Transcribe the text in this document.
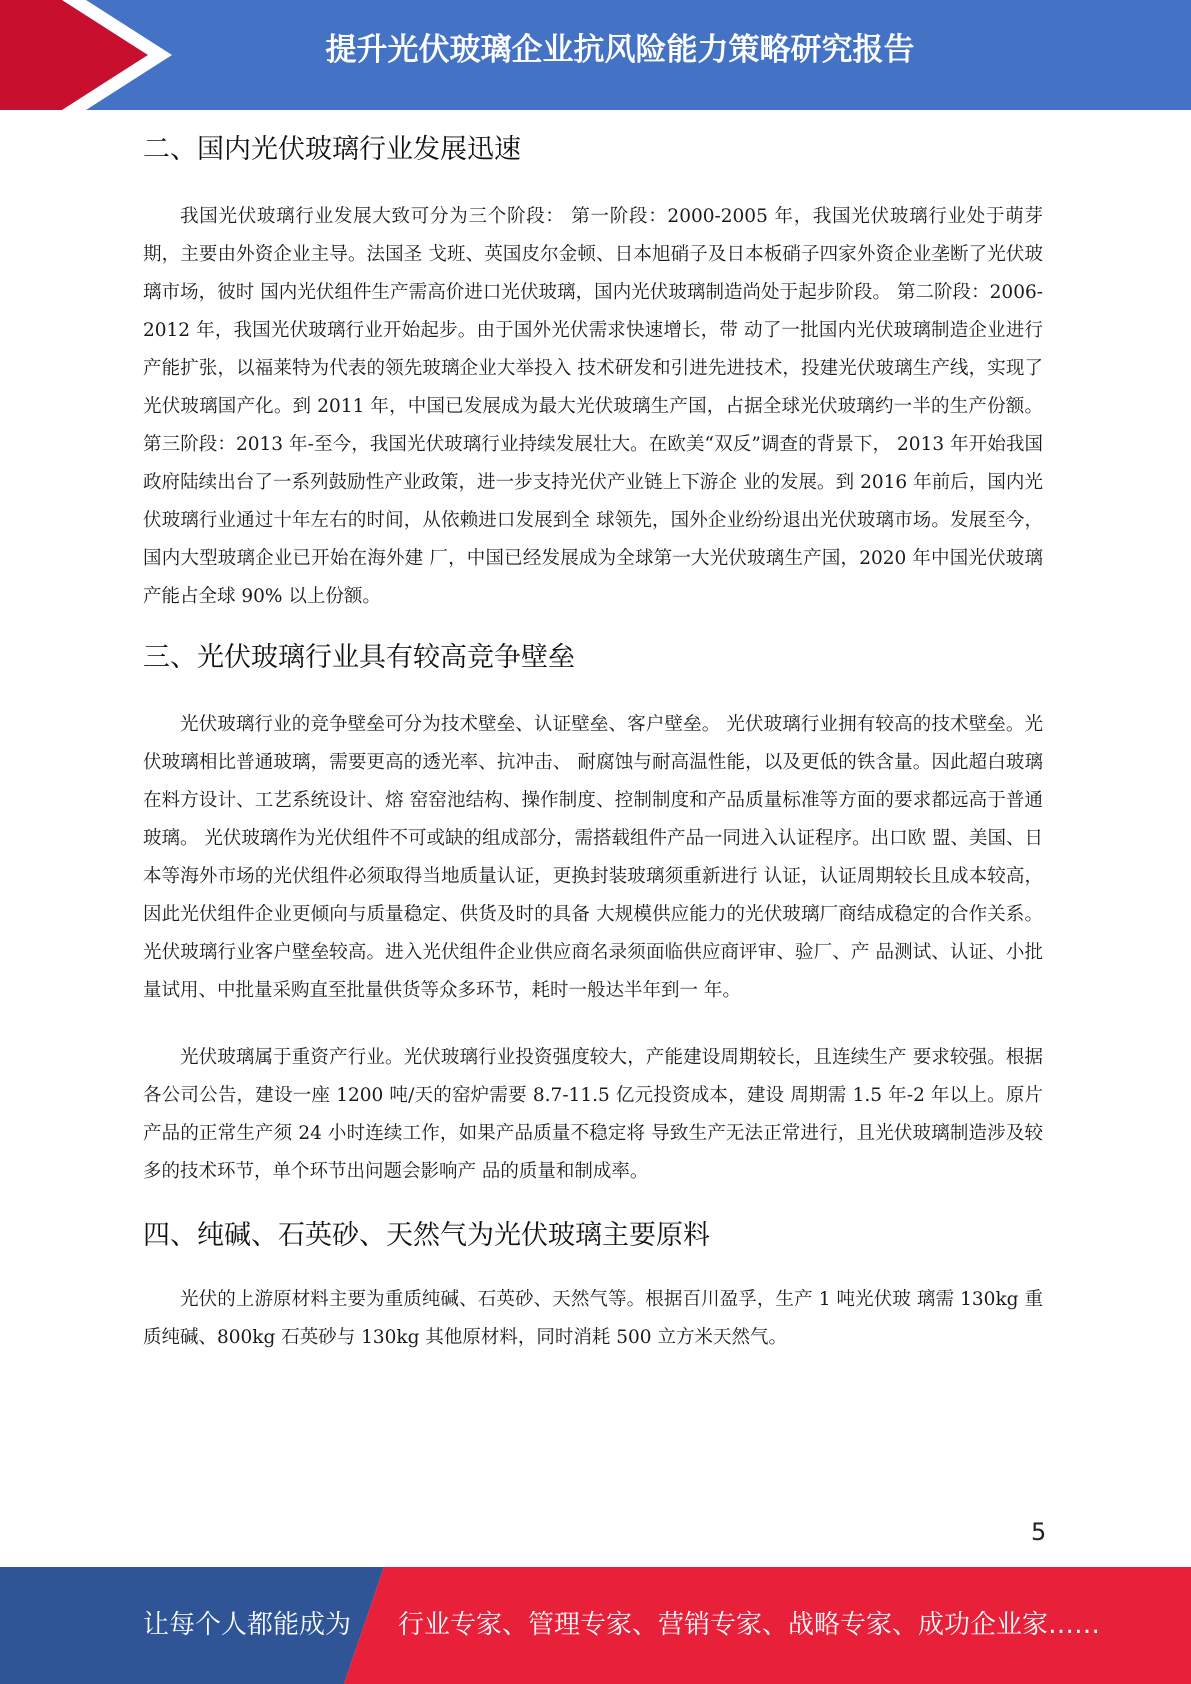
提升光伏玻璃企业抗风险能力策略研究报告
二、国内光伏玻璃行业发展迅速

我国光伏玻璃行业发展大致可分为三个阶段： 第一阶段：2000-2005 年，我国光伏玻璃行业处于萌芽期，主要由外资企业主导。法国圣 戈班、英国皮尔金顿、日本旭硝子及日本板硝子四家外资企业垄断了光伏玻璃市场，彼时 国内光伏组件生产需高价进口光伏玻璃，国内光伏玻璃制造尚处于起步阶段。 第二阶段：2006-2012 年，我国光伏玻璃行业开始起步。由于国外光伏需求快速增长，带 动了一批国内光伏玻璃制造企业进行产能扩张，以福莱特为代表的领先玻璃企业大举投入 技术研发和引进先进技术，投建光伏玻璃生产线，实现了光伏玻璃国产化。到 2011 年，中国已发展成为最大光伏玻璃生产国，占据全球光伏玻璃约一半的生产份额。 第三阶段：2013 年-至今，我国光伏玻璃行业持续发展壮大。在欧美“双反”调查的背景下， 2013 年开始我国政府陆续出台了一系列鼓励性产业政策，进一步支持光伏产业链上下游企 业的发展。到 2016 年前后，国内光伏玻璃行业通过十年左右的时间，从依赖进口发展到全 球领先，国外企业纷纷退出光伏玻璃市场。发展至今，国内大型玻璃企业已开始在海外建 厂，中国已经发展成为全球第一大光伏玻璃生产国，2020 年中国光伏玻璃产能占全球 90% 以上份额。

三、光伏玻璃行业具有较高竞争壁垒

光伏玻璃行业的竞争壁垒可分为技术壁垒、认证壁垒、客户壁垒。 光伏玻璃行业拥有较高的技术壁垒。光伏玻璃相比普通玻璃，需要更高的透光率、抗冲击、 耐腐蚀与耐高温性能，以及更低的铁含量。因此超白玻璃在料方设计、工艺系统设计、熔 窑窑池结构、操作制度、控制制度和产品质量标准等方面的要求都远高于普通玻璃。 光伏玻璃作为光伏组件不可或缺的组成部分，需搭载组件产品一同进入认证程序。出口欧 盟、美国、日本等海外市场的光伏组件必须取得当地质量认证，更换封装玻璃须重新进行 认证，认证周期较长且成本较高，因此光伏组件企业更倾向与质量稳定、供货及时的具备 大规模供应能力的光伏玻璃厂商结成稳定的合作关系。 光伏玻璃行业客户壁垒较高。进入光伏组件企业供应商名录须面临供应商评审、验厂、产 品测试、认证、小批量试用、中批量采购直至批量供货等众多环节，耗时一般达半年到一 年。

光伏玻璃属于重资产行业。光伏玻璃行业投资强度较大，产能建设周期较长，且连续生产 要求较强。根据各公司公告，建设一座 1200 吨/天的窑炉需要 8.7-11.5 亿元投资成本，建设 周期需 1.5 年-2 年以上。原片产品的正常生产须 24 小时连续工作，如果产品质量不稳定将 导致生产无法正常进行，且光伏玻璃制造涉及较多的技术环节，单个环节出问题会影响产 品的质量和制成率。

四、纯碱、石英砂、天然气为光伏玻璃主要原料

光伏的上游原材料主要为重质纯碱、石英砂、天然气等。根据百川盈孚，生产 1 吨光伏玻 璃需 130kg 重质纯碱、800kg 石英砂与 130kg 其他原材料，同时消耗 500 立方米天然气。

5
让每个人都能成为 行业专家、管理专家、营销专家、战略专家、成功企业家……
